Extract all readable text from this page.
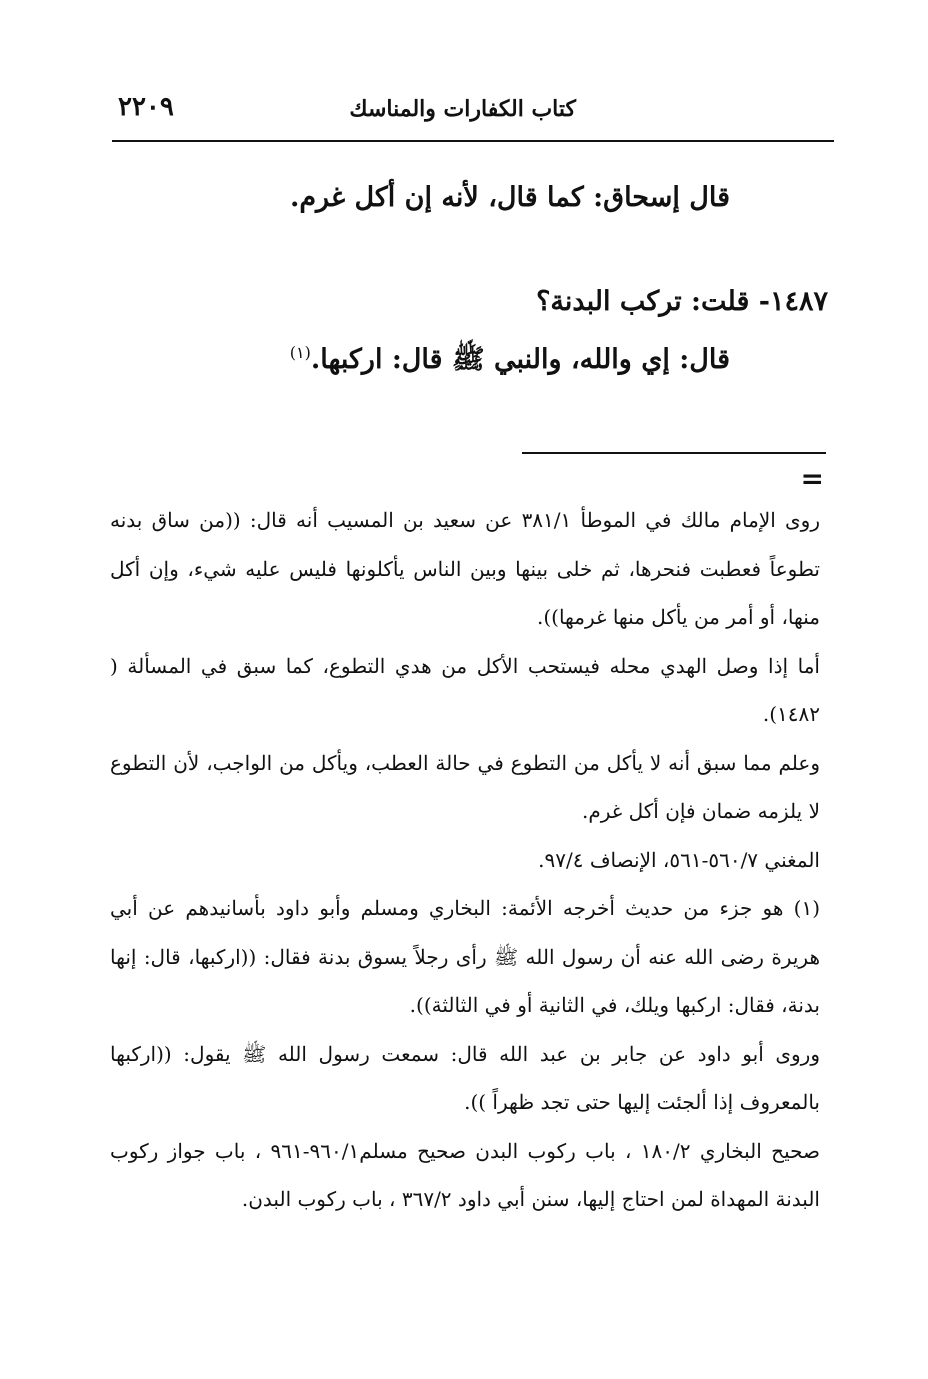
كتاب الكفارات والمناسك
٢٢٠٩
قال إسحاق: كما قال، لأنه إن أكل غرم.
١٤٨٧- قلت: تركب البدنة؟
قال: إي والله، والنبي ﷺ قال: اركبها.$^{(١)}$
=

روى الإمام مالك في الموطأ ٣٨١/١ عن سعيد بن المسيب أنه قال: ((من ساق بدنه تطوعاً فعطبت فنحرها، ثم خلى بينها وبين الناس يأكلونها فليس عليه شيء، وإن أكل منها، أو أمر من يأكل منها غرمها)).

أما إذا وصل الهدي محله فيستحب الأكل من هدي التطوع، كما سبق في المسألة ( ١٤٨٢).

وعلم مما سبق أنه لا يأكل من التطوع في حالة العطب، ويأكل من الواجب، لأن التطوع لا يلزمه ضمان فإن أكل غرم.

المغني ٥٦٠/٧-٥٦١، الإنصاف ٩٧/٤.

(١) هو جزء من حديث أخرجه الأئمة: البخاري ومسلم وأبو داود بأسانيدهم عن أبي هريرة رضى الله عنه أن رسول الله ﷺ رأى رجلاً يسوق بدنة فقال: ((اركبها، قال: إنها بدنة، فقال: اركبها ويلك، في الثانية أو في الثالثة)).

وروى أبو داود عن جابر بن عبد الله قال: سمعت رسول الله ﷺ يقول: ((اركبها بالمعروف إذا ألجئت إليها حتى تجد ظهراً )).

صحيح البخاري ١٨٠/٢ ، باب ركوب البدن صحيح مسلم٩٦٠/١-٩٦١ ، باب جواز ركوب البدنة المهداة لمن احتاج إليها، سنن أبي داود ٣٦٧/٢ ، باب ركوب البدن.
